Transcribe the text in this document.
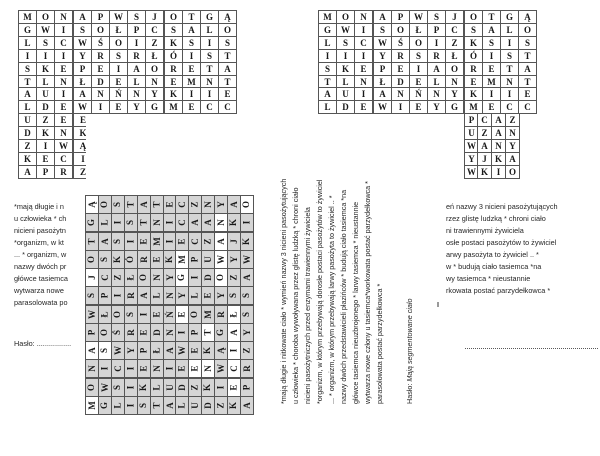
M O N A P W S J O T G Ą
G W I S O Ł P C S A L O
L S C W Ś O I Z K S I S
I I I Y R S R Ł Ó I S T
S K E P E I A O R E T A
T L N Ł D E L N E M N T
A U I A N Ń N Y K I I E
L D E W I E Y G M E C C
U Z E	E
D K N	K
Z I W	Ą
K E C	I
A P R	Z
M O N A P W S J O T G Ą
G W I S O Ł P C S A L O
L S C W Ś O I Z K S I S
I I I Y R S R Ł Ó I S T
S K E P E I A O R E T A
T L N Ł D E L N E M N T
A U I A N Ń N Y K I I E
L D E W I E Y G M E C C
P C A Z
U Z A N
W A N Y
Y J K A
W K I O
Ą O S T A T E C Z N Y A O
G L I S T N I C A A N K I
T A S I E M I E C Z A J K
O S K Ó R E K M P U W Y W
J C Z Ł O N Y G I D O Z A
S P I R A L N Y L E Y S S
W Ł O S I E Ń E O M R Ł S
P O Ś R E D N I P T G A Y
A S W Y P Ł A W E K Ą I Z
N I C I E N I E E N W C R
O W S I K L U D Z K I E P
M G L I S T A L U D Z K A
*mają długie i n
u człowieka * ch
nicieni pasożytn
*organizm, w kt
... * organizm, w
nazwy dwóch pr
główce tasiemca
wytwarza nowe
parasolowata po
Hasło: .................	*mają długie i nitkowate ciało * wymień nazwy 3 nicieni pasożytujących u człowieka * choroba wywoływana przez glistę ludzką * chroni ciało nicieni pasożytniczych przed enzymami trawiennymi żywiciela *organizm, w którym przebywają dorosłe postaci pasożytów to żywiciel ... * organizm, w którym przebywają larwy pasożyta to żywiciel .. * nazwy dwóch przedstawicieli płazińców * budują ciało tasiemca *na główce tasiemca nieuzbrojonego * larwy tasiemca * nieustannie wytwarza nowe człony u tasiemca*workowata postać parzydełkowca * parasolowata postać parzydełkowca *	Hasło: Mają segmentowane ciało
eń nazwy 3 nicieni pasożytujących
rzez glistę ludzką * chroni ciało
ni trawiennymi żywiciela
osłe postaci pasożytów to żywiciel
arwy pasożyta to żywiciel .. *
w * budują ciało tasiemca *na
wy tasiemca * nieustannie
rkowata postać parzydełkowca *
